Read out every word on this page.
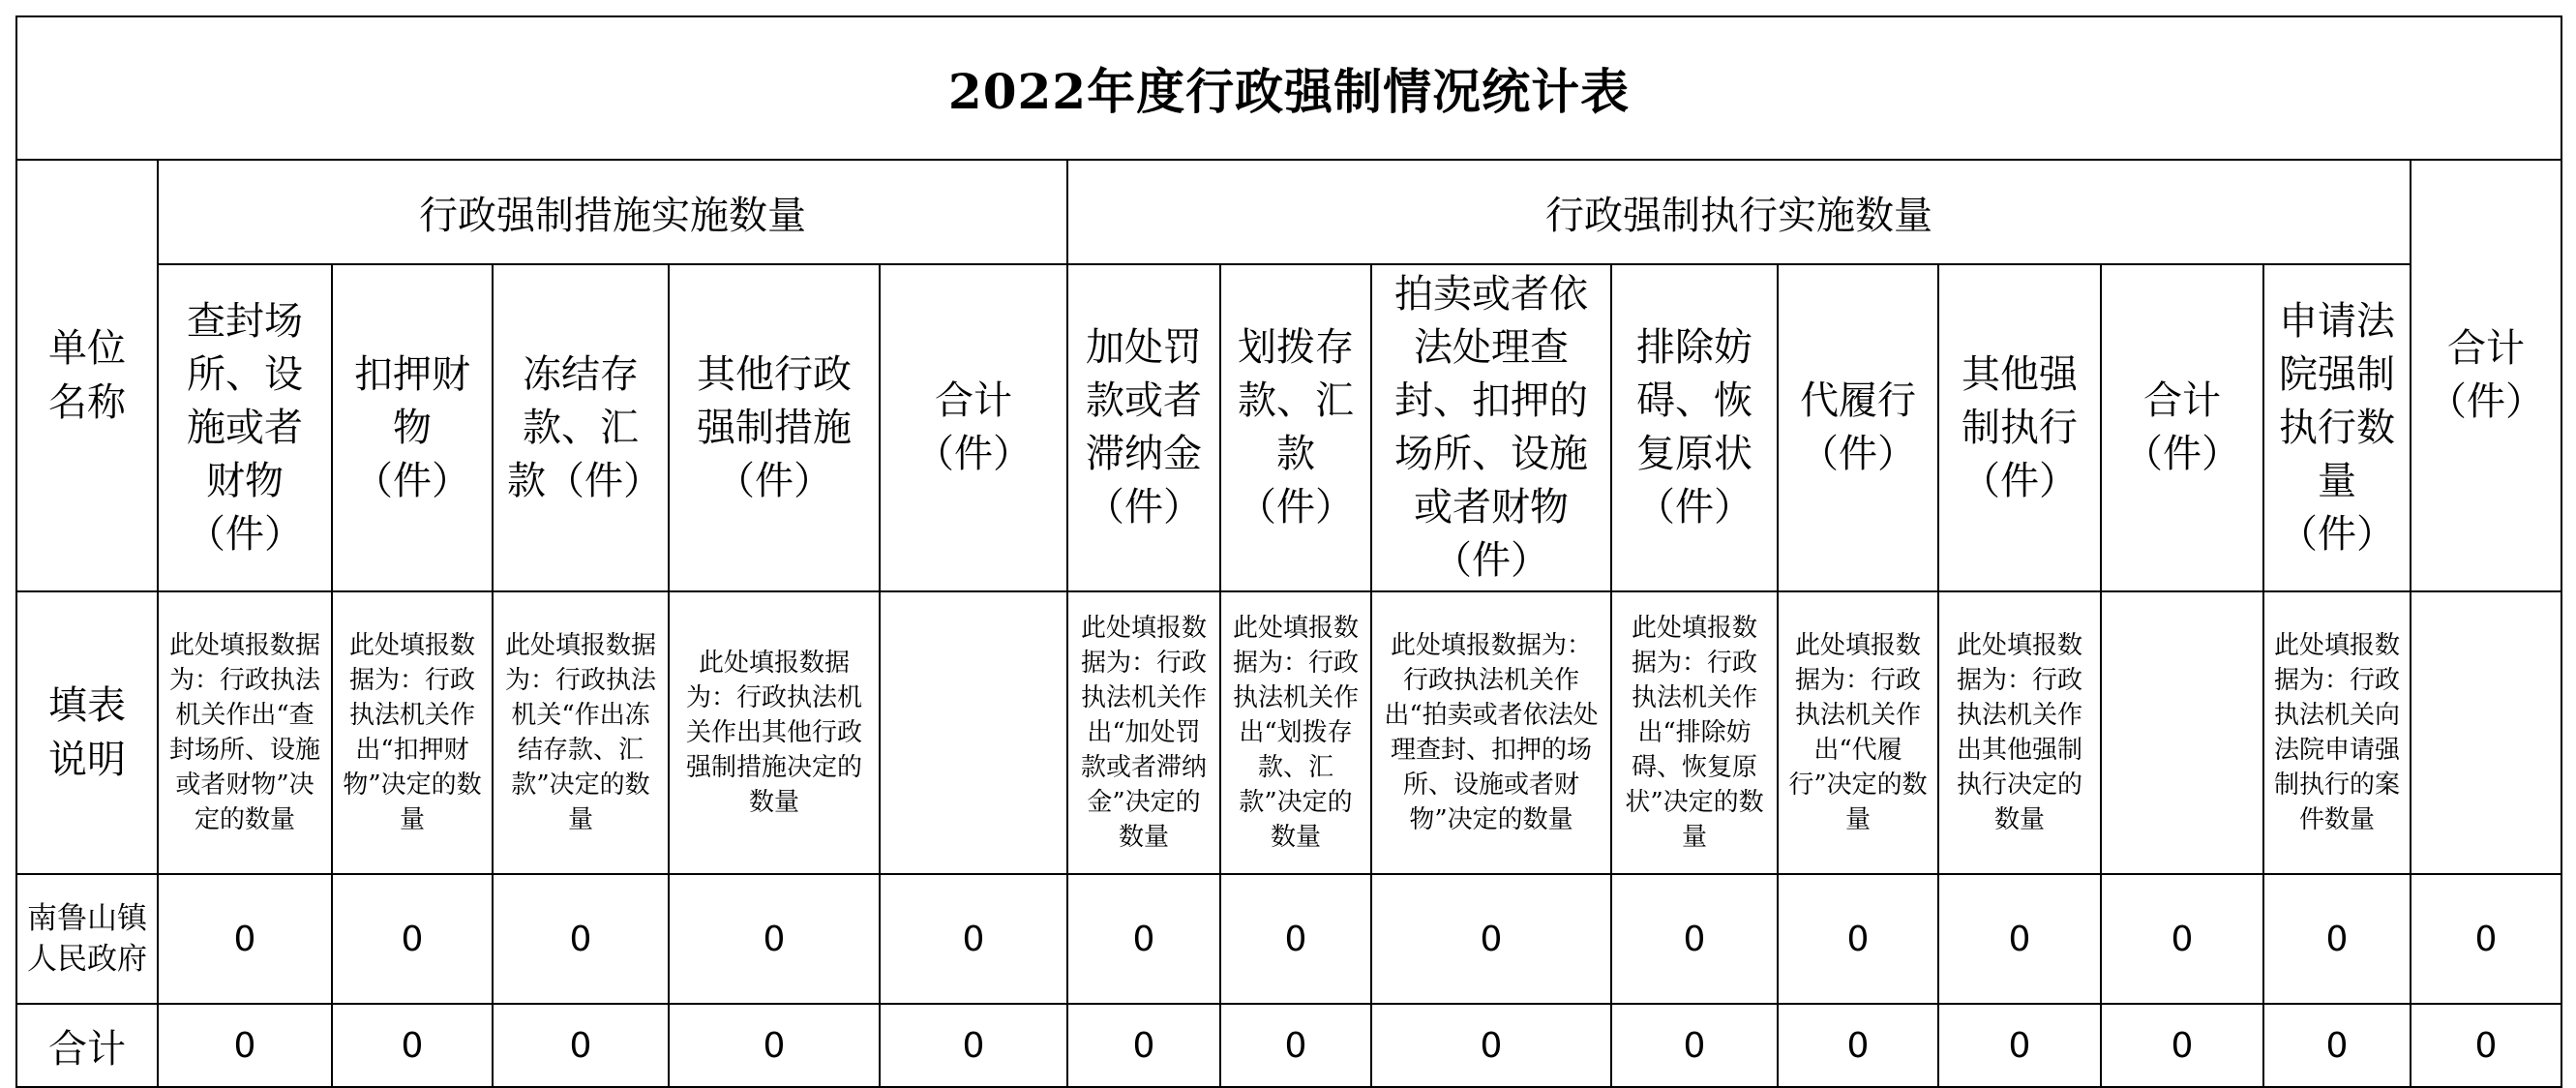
2022年度行政强制情况统计表														
单位名称	行政强制措施实施数量					行政强制执行实施数量								合计（件）
	查封场所、设施或者财物（件）	扣押财物（件）	冻结存款、汇款（件）	其他行政强制措施（件）	合计（件）	加处罚款或者滞纳金（件）	划拨存款、汇款（件）	拍卖或者依法处理查封、扣押的场所、设施或者财物（件）	排除妨碍、恢复原状（件）	代履行（件）	其他强制执行（件）	合计（件）	申请法院强制执行数量（件）	
填表说明	此处填报数据为：行政执法机关作出“查封场所、设施或者财物”决定的数量	此处填报数据为：行政执法机关作出“扣押财物”决定的数量	此处填报数据为：行政执法机关“作出冻结存款、汇款”决定的数量	此处填报数据为：行政执法机关作出其他行政强制措施决定的数量		此处填报数据为：行政执法机关作出“加处罚款或者滞纳金”决定的数量	此处填报数据为：行政执法机关作出“划拨存款、汇款”决定的数量	此处填报数据为：行政执法机关作出“拍卖或者依法处理查封、扣押的场所、设施或者财物”决定的数量	此处填报数据为：行政执法机关作出“排除妨碍、恢复原状”决定的数量	此处填报数据为：行政执法机关作出“代履行”决定的数量	此处填报数据为：行政执法机关作出其他强制执行决定的数量		此处填报数据为：行政执法机关向法院申请强制执行的案件数量	
南鲁山镇人民政府	0	0	0	0	0	0	0	0	0	0	0	0	0	0
合计	0	0	0	0	0	0	0	0	0	0	0	0	0	0
